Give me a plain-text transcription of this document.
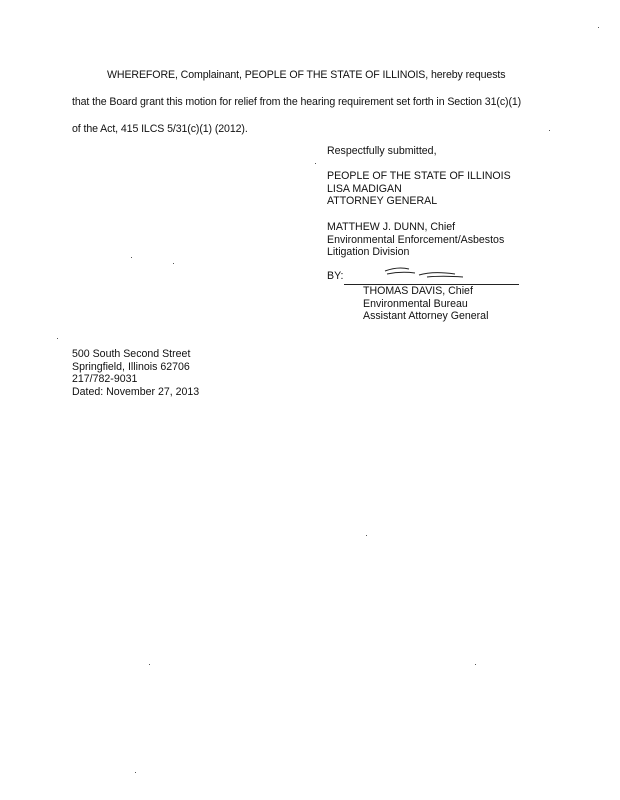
WHEREFORE, Complainant, PEOPLE OF THE STATE OF ILLINOIS, hereby requests
that the Board grant this motion for relief from the hearing requirement set forth in Section 31(c)(1)
of the Act, 415 ILCS 5/31(c)(1) (2012).
Respectfully submitted,
PEOPLE OF THE STATE OF ILLINOIS
LISA MADIGAN
ATTORNEY GENERAL
MATTHEW J. DUNN, Chief
Environmental Enforcement/Asbestos
Litigation Division
BY:
THOMAS DAVIS, Chief
Environmental Bureau
Assistant Attorney General
500 South Second Street
Springfield, Illinois 62706
217/782-9031
Dated: November 27, 2013
